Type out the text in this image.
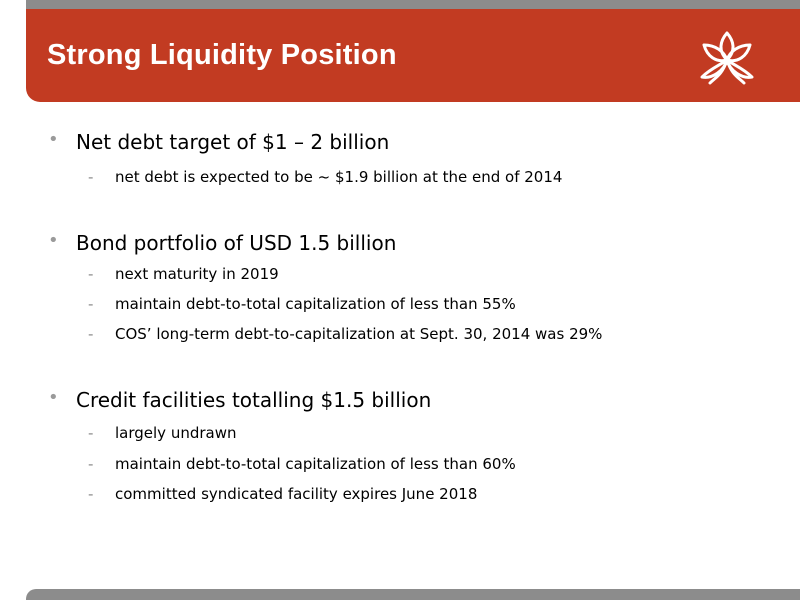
Strong Liquidity Position
• Net debt target of $1 – 2 billion
- net debt is expected to be ~ $1.9 billion at the end of 2014
• Bond portfolio of USD 1.5 billion
- next maturity in 2019
- maintain debt-to-total capitalization of less than 55%
- COS’ long-term debt-to-capitalization at Sept. 30, 2014 was 29%
• Credit facilities totalling $1.5 billion
- largely undrawn
- maintain debt-to-total capitalization of less than 60%
- committed syndicated facility expires June 2018
